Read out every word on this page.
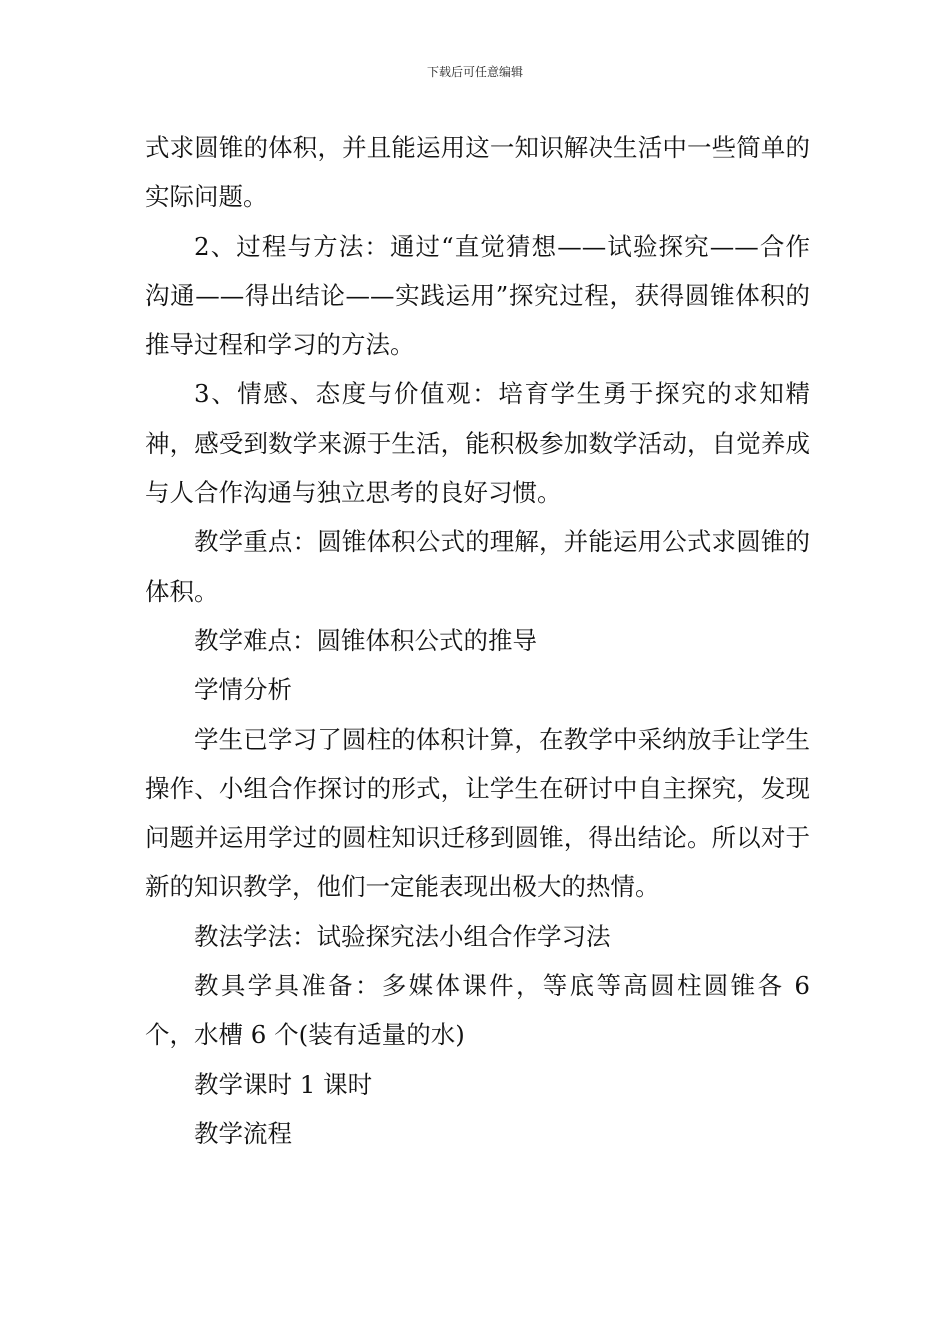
下载后可任意编辑

式求圆锥的体积，并且能运用这一知识解决生活中一些简单的实际问题。

2、过程与方法：通过“直觉猜想——试验探究——合作沟通——得出结论——实践运用”探究过程，获得圆锥体积的推导过程和学习的方法。

3、情感、态度与价值观：培育学生勇于探究的求知精神，感受到数学来源于生活，能积极参加数学活动，自觉养成与人合作沟通与独立思考的良好习惯。

教学重点：圆锥体积公式的理解，并能运用公式求圆锥的体积。

教学难点：圆锥体积公式的推导

学情分析

学生已学习了圆柱的体积计算，在教学中采纳放手让学生操作、小组合作探讨的形式，让学生在研讨中自主探究，发现问题并运用学过的圆柱知识迁移到圆锥，得出结论。所以对于新的知识教学，他们一定能表现出极大的热情。

教法学法：试验探究法小组合作学习法

教具学具准备：多媒体课件，等底等高圆柱圆锥各 6 个，水槽 6 个(装有适量的水)

教学课时 1 课时

教学流程
